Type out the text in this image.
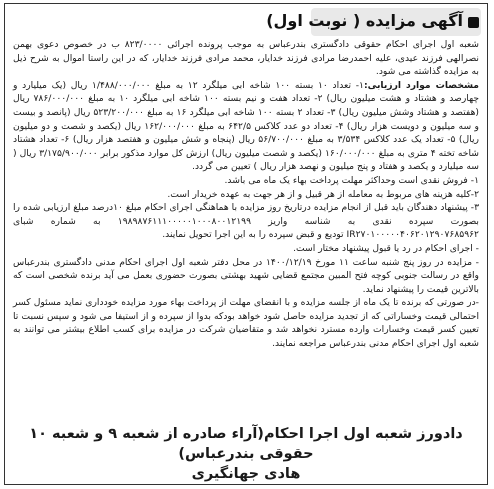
آگهی مزایده ( نوبت اول)

شعبه اول اجرای احکام حقوقی دادگستری بندرعباس به موجب پرونده اجرائی ۸۲۳/۰۰۰۰ ب در خصوص دعوی بهمن نصرالهی فرزند عیدی، علیه احمدرضا مرادی فرزند خدایار، محمد مرادی فرزند خدایار، که در این راستا اموال به شرح ذیل به مزایده گذاشته می شود.

مشخصات موارد ارزیابی:۱- تعداد ۱۰ بسته ۱۰۰ شاخه ابی میلگرد ۱۲ به مبلغ ۱/۴۸۸/۰۰۰/۰۰۰ ریال (یک میلیارد و چهارصد و هشتاد و هشت میلیون ریال) ۲- تعداد هفت و نیم بسته ۱۰۰ شاخه ابی میلگرد ۱۰ به مبلغ ۷۸۶/۰۰۰/۰۰۰ ریال (هفتصد و هشتاد وشش میلیون ریال) ۳- تعداد ۲ بسته ۱۰۰ شاخه ابی میلگرد ۱۶ به مبلغ ۵۲۳/۲۰۰/۰۰۰ ریال (پانصد و بیست و سه میلیون و دویست هزار ریال) ۴- تعداد دو عدد کلاکس ۶۴۲/۵ به مبلغ ۱۶۲/۰۰۰/۰۰۰ ریال (یکصد و شصت و دو میلیون ریال) ۵- تعداد یک عدد کلاکس ۳/۵۳۴ به مبلغ ۵۶/۷۰۰/۰۰۰ ریال (پنجاه و شش میلیون و هفتصد هزار ریال) ۶- تعداد هشتاد شاخه تخته ۴ متری به مبلغ ۱۶۰/۰۰۰/۰۰۰ (یکصد و شصت میلیون ریال) ارزش کل موارد مذکور برابر ۳/۱۷۵/۹۰۰/۰۰۰ ریال ( سه میلیارد و یکصد و هفتاد و پنج میلیون و نهصد هزار ریال ) تعیین می گردد.

۱- فروش نقدی است وحداکثر مهلت پرداخت بهاء یک ماه می باشد.

۲-کلیه هزینه های مربوط به معامله از هر قبیل و از هر جهت به عهده خریدار است.

۳- پیشنهاد دهندگان باید قبل از انجام مزایده درتاریخ روز مزایده با هماهنگی اجرای احکام مبلغ ۱۰درصد مبلغ ارزیابی شده را بصورت سپرده نقدی به شناسه واریز ۱۹۸۹۸۷۶۱۱۱۰۰۰۰۰۱۰۰۰۸۰۰۱۲۱۹۹ به شماره شبای IR۲۷۰۱۰۰۰۰۰۴۰۶۲۰۱۲۹۰۷۶۸۵۹۶۲ تودیع و قبض سپرده را به این اجرا تحویل نمایند.

- اجرای احکام در رد یا قبول پیشنهاد مختار است.

- مزایده در روز پنج شنبه ساعت ۱۱ مورخ ۱۴۰۰/۱۲/۱۹ در محل دفتر شعبه اول اجرای احکام مدنی دادگستری بندرعباس واقع در رسالت جنوبی کوچه فتح المبین مجتمع قضایی شهید بهشتی بصورت حضوری بعمل می آید برنده شخصی است که بالاترین قیمت را پیشنهاد نماید.

-در صورتی که برنده تا یک ماه از جلسه مزایده و با انقضای مهلت از پرداخت بهاء مورد مزایده خودداری نماید مسئول کسر احتمالی قیمت وخساراتی که از تجدید مزایده حاصل شود خواهد بودکه بدوا از سپرده و از استیفا می شود و سپس نسبت تا تعیین کسر قیمت وخسارات وارده مسترد نخواهد شد و متقاضیان شرکت در مزایده برای کسب اطلاع بیشتر می توانند به شعبه اول اجرای احکام مدنی بندرعباس مراجعه نمایند.

دادورز شعبه اول اجرا احکام(آراء صادره از شعبه ۹ و شعبه ۱۰ حقوقی بندرعباس)
هادی جهانگیری
